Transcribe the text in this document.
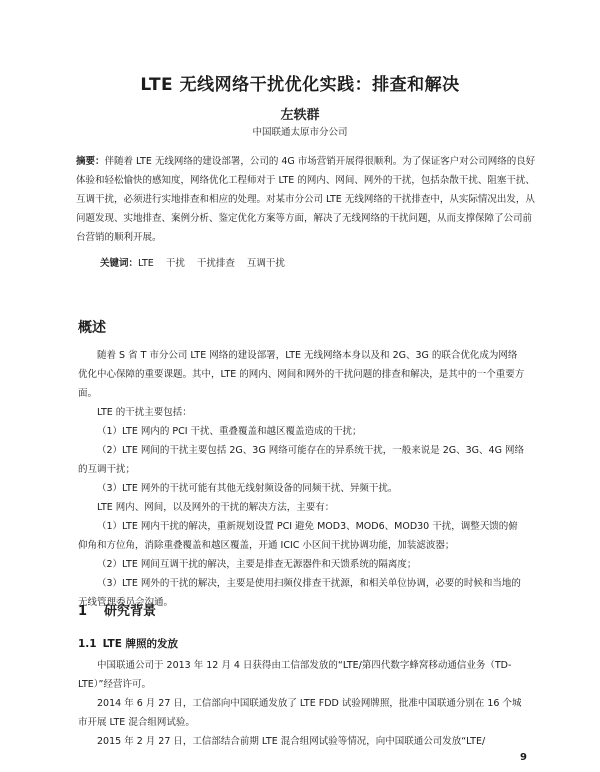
LTE 无线网络干扰优化实践：排查和解决
左轶群
中国联通太原市分公司
摘要：伴随着 LTE 无线网络的建设部署，公司的 4G 市场营销开展得很顺利。为了保证客户对公司网络的良好体验和轻松愉快的感知度，网络优化工程师对于 LTE 的网内、网间、网外的干扰，包括杂散干扰、阻塞干扰、互调干扰，必须进行实地排查和相应的处理。对某市分公司 LTE 无线网络的干扰排查中，从实际情况出发，从问题发现、实地排查、案例分析、鉴定优化方案等方面，解决了无线网络的干扰问题，从而支撑保障了公司前台营销的顺利开展。
关键词：LTE 干扰 干扰排查 互调干扰
概述

随着 S 省 T 市分公司 LTE 网络的建设部署，LTE 无线网络本身以及和 2G、3G 的联合优化成为网络优化中心保障的重要课题。其中，LTE 的网内、网间和网外的干扰问题的排查和解决，是其中的一个重要方面。

LTE 的干扰主要包括：

（1）LTE 网内的 PCI 干扰、重叠覆盖和越区覆盖造成的干扰；

（2）LTE 网间的干扰主要包括 2G、3G 网络可能存在的异系统干扰，一般来说是 2G、3G、4G 网络的互调干扰；

（3）LTE 网外的干扰可能有其他无线射频设备的同频干扰、异频干扰。

LTE 网内、网间，以及网外的干扰的解决方法，主要有：

（1）LTE 网内干扰的解决，重新规划设置 PCI 避免 MOD3、MOD6、MOD30 干扰，调整天馈的俯仰角和方位角，消除重叠覆盖和越区覆盖，开通 ICIC 小区间干扰协调功能，加装滤波器；

（2）LTE 网间互调干扰的解决，主要是排查无源器件和天馈系统的隔离度；

（3）LTE 网外的干扰的解决，主要是使用扫频仪排查干扰源，和相关单位协调，必要的时候和当地的无线管理委员会沟通。

1 研究背景
1.1 LTE 牌照的发放

中国联通公司于 2013 年 12 月 4 日获得由工信部发放的“LTE/第四代数字蜂窝移动通信业务（TD-LTE）”经营许可。

2014 年 6 月 27 日，工信部向中国联通发放了 LTE FDD 试验网牌照，批准中国联通分别在 16 个城市开展 LTE 混合组网试验。

2015 年 2 月 27 日，工信部结合前期 LTE 混合组网试验等情况，向中国联通公司发放“LTE/

9
